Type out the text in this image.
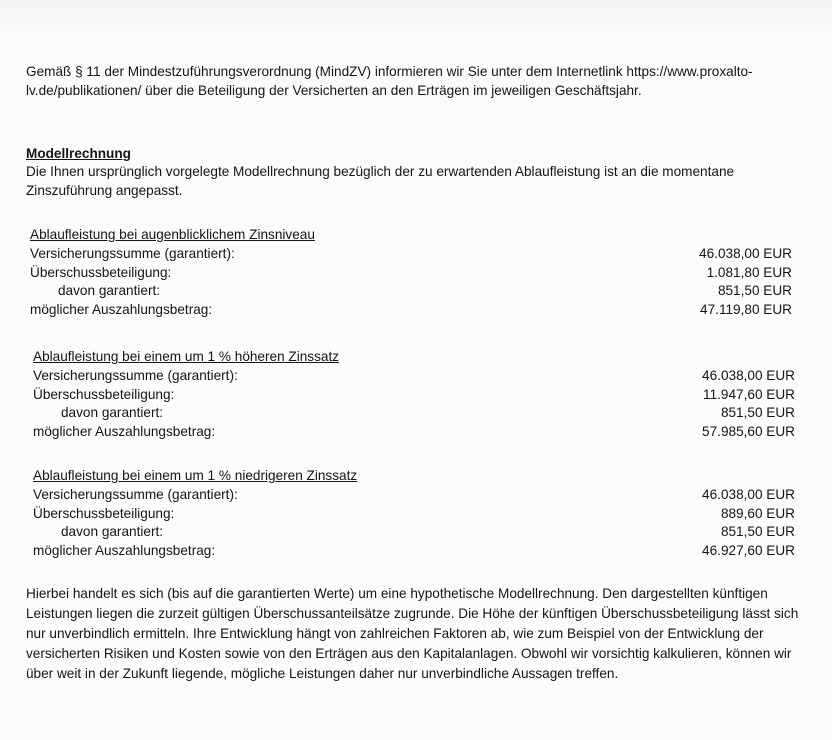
Gemäß § 11 der Mindestzuführungsverordnung (MindZV) informieren wir Sie unter dem Internetlink https://www.proxalto-lv.de/publikationen/ über die Beteiligung der Versicherten an den Erträgen im jeweiligen Geschäftsjahr.

Modellrechnung

Die Ihnen ursprünglich vorgelegte Modellrechnung bezüglich der zu erwartenden Ablaufleistung ist an die momentane Zinszuführung angepasst.

Ablaufleistung bei augenblicklichem Zinsniveau
Versicherungssumme (garantiert):	46.038,00 EUR
Überschussbeteiligung:	1.081,80 EUR
davon garantiert:	851,50 EUR
möglicher Auszahlungsbetrag:	47.119,80 EUR
Ablaufleistung bei einem um 1 % höheren Zinssatz
Versicherungssumme (garantiert):	46.038,00 EUR
Überschussbeteiligung:	11.947,60 EUR
davon garantiert:	851,50 EUR
möglicher Auszahlungsbetrag:	57.985,60 EUR
Ablaufleistung bei einem um 1 % niedrigeren Zinssatz
Versicherungssumme (garantiert):	46.038,00 EUR
Überschussbeteiligung:	889,60 EUR
davon garantiert:	851,50 EUR
möglicher Auszahlungsbetrag:	46.927,60 EUR

Hierbei handelt es sich (bis auf die garantierten Werte) um eine hypothetische Modellrechnung. Den dargestellten künftigen Leistungen liegen die zurzeit gültigen Überschussanteilsätze zugrunde. Die Höhe der künftigen Überschussbeteiligung lässt sich nur unverbindlich ermitteln. Ihre Entwicklung hängt von zahlreichen Faktoren ab, wie zum Beispiel von der Entwicklung der versicherten Risiken und Kosten sowie von den Erträgen aus den Kapitalanlagen. Obwohl wir vorsichtig kalkulieren, können wir über weit in der Zukunft liegende, mögliche Leistungen daher nur unverbindliche Aussagen treffen.
